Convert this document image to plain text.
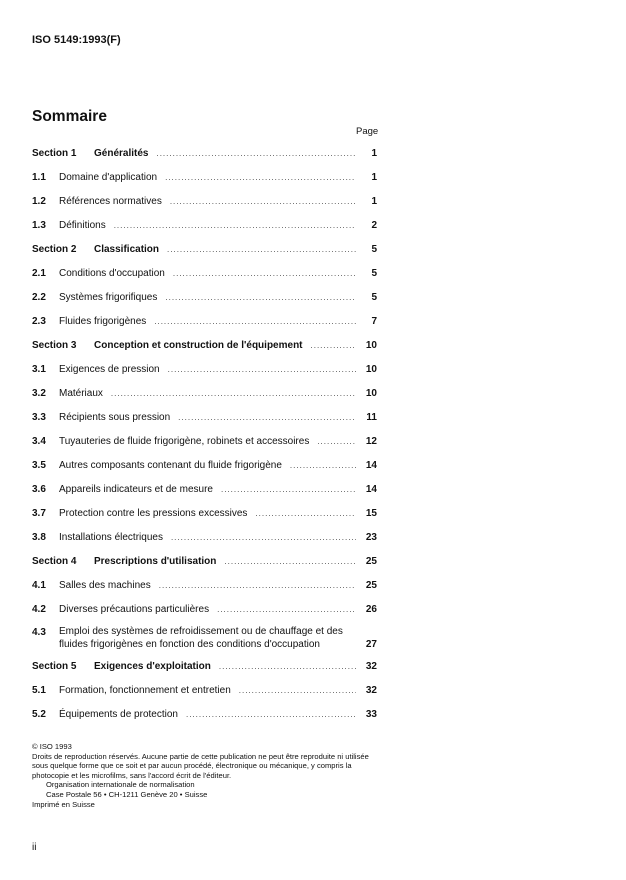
ISO 5149:1993(F)
Sommaire
Page
Section 1	Généralités .....	1
1.1	Domaine d'application .....	1
1.2	Références normatives .....	1
1.3	Définitions .....	2
Section 2	Classification .....	5
2.1	Conditions d'occupation .....	5
2.2	Systèmes frigorifiques .....	5
2.3	Fluides frigorigènes .....	7
Section 3	Conception et construction de l'équipement .....	10
3.1	Exigences de pression .....	10
3.2	Matériaux .....	10
3.3	Récipients sous pression .....	11
3.4	Tuyauteries de fluide frigorigène, robinets et accessoires .....	12
3.5	Autres composants contenant du fluide frigorigène .....	14
3.6	Appareils indicateurs et de mesure .....	14
3.7	Protection contre les pressions excessives .....	15
3.8	Installations électriques .....	23
Section 4	Prescriptions d'utilisation .....	25
4.1	Salles des machines .....	25
4.2	Diverses précautions particulières .....	26
4.3	Emploi des systèmes de refroidissement ou de chauffage et des
fluides frigorigènes en fonction des conditions d'occupation	27
Section 5	Exigences d'exploitation .....	32
5.1	Formation, fonctionnement et entretien .....	32
5.2	Équipements de protection .....	33
© ISO 1993
Droits de reproduction réservés. Aucune partie de cette publication ne peut être reproduite ni utilisée sous quelque forme que ce soit et par aucun procédé, électronique ou mécanique, y compris la photocopie et les microfilms, sans l'accord écrit de l'éditeur.
Organisation internationale de normalisation
Case Postale 56 • CH-1211 Genève 20 • Suisse
Imprimé en Suisse
ii
